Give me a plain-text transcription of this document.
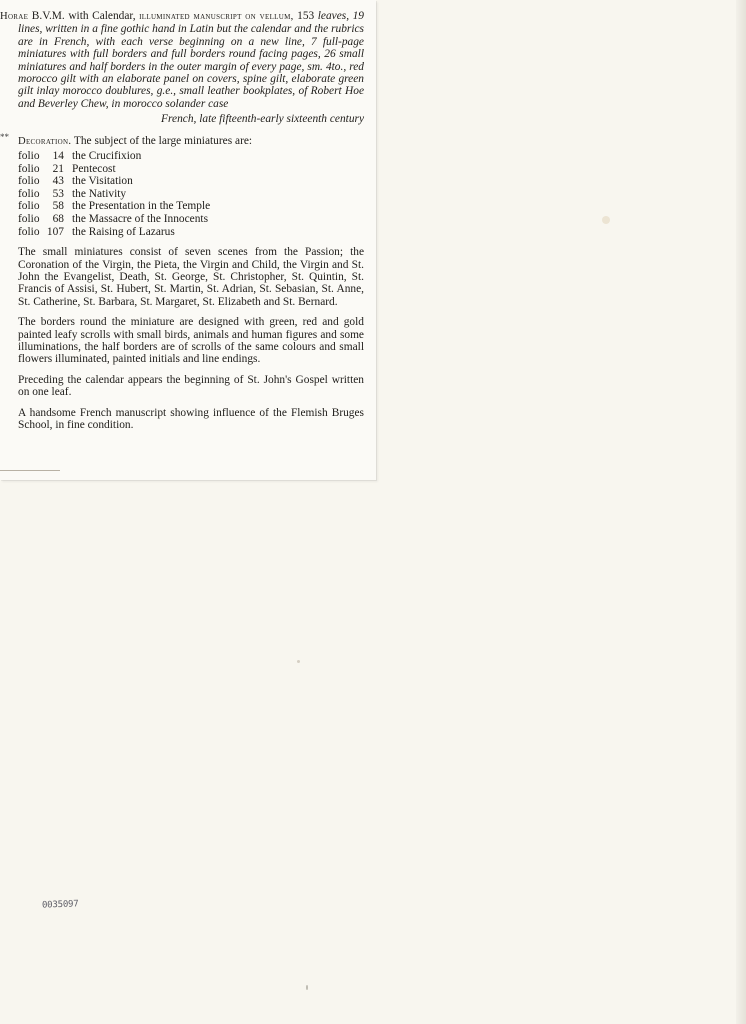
Horae B.V.M. with Calendar, illuminated manuscript on vellum, 153 leaves, 19 lines, written in a fine gothic hand in Latin but the calendar and the rubrics are in French, with each verse beginning on a new line, 7 full-page miniatures with full borders and full borders round facing pages, 26 small miniatures and half borders in the outer margin of every page, sm. 4to., red morocco gilt with an elaborate panel on covers, spine gilt, elaborate green gilt inlay morocco doublures, g.e., small leather bookplates, of Robert Hoe and Beverley Chew, in morocco solander case

French, late fifteenth-early sixteenth century

** Decoration. The subject of the large miniatures are:
folio	14	the Crucifixion
folio	21	Pentecost
folio	43	the Visitation
folio	53	the Nativity
folio	58	the Presentation in the Temple
folio	68	the Massacre of the Innocents
folio	107	the Raising of Lazarus

The small miniatures consist of seven scenes from the Passion; the Coronation of the Virgin, the Pieta, the Virgin and Child, the Virgin and St. John the Evangelist, Death, St. George, St. Christopher, St. Quintin, St. Francis of Assisi, St. Hubert, St. Martin, St. Adrian, St. Sebasian, St. Anne, St. Catherine, St. Barbara, St. Margaret, St. Elizabeth and St. Bernard.

The borders round the miniature are designed with green, red and gold painted leafy scrolls with small birds, animals and human figures and some illuminations, the half borders are of scrolls of the same colours and small flowers illuminated, painted initials and line endings.

Preceding the calendar appears the beginning of St. John's Gospel written on one leaf.

A handsome French manuscript showing influence of the Flemish Bruges School, in fine condition.

0035097
